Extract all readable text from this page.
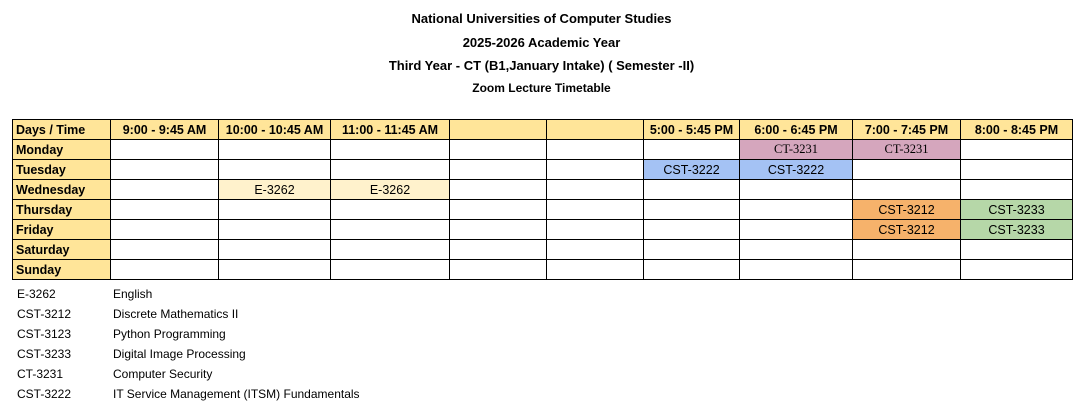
National Universities of Computer Studies
2025-2026 Academic Year
Third Year - CT (B1,January Intake) ( Semester -II)
Zoom Lecture Timetable
Days / Time	9:00 - 9:45 AM	10:00 - 10:45 AM	11:00 - 11:45 AM			5:00 - 5:45 PM	6:00 - 6:45 PM	7:00 - 7:45 PM	8:00 - 8:45 PM
Monday							CT-3231	CT-3231	
Tuesday						CST-3222	CST-3222		
Wednesday		E-3262	E-3262						
Thursday								CST-3212	CST-3233
Friday								CST-3212	CST-3233
Saturday									
Sunday									
E-3262	English
CST-3212	Discrete Mathematics II
CST-3123	Python Programming
CST-3233	Digital Image Processing
CT-3231	Computer Security
CST-3222	IT Service Management (ITSM) Fundamentals
